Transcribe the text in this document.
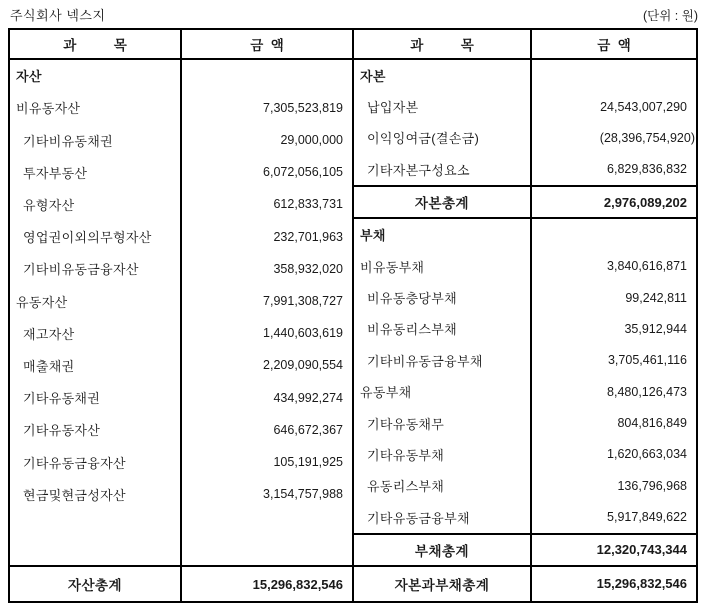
주식회사 넥스지	(단위 : 원)
과          목	금  액
자산
비유동자산	7,305,523,819
기타비유동채권	29,000,000
투자부동산	6,072,056,105
유형자산	612,833,731
영업권이외의무형자산	232,701,963
기타비유동금융자산	358,932,020
유동자산	7,991,308,727
재고자산	1,440,603,619
매출채권	2,209,090,554
기타유동채권	434,992,274
기타유동자산	646,672,367
기타유동금융자산	105,191,925
현금및현금성자산	3,154,757,988
자산총계	15,296,832,546
과          목	금  액
자본
납입자본	24,543,007,290
이익잉여금(결손금)	(28,396,754,920)
기타자본구성요소	6,829,836,832
자본총계	2,976,089,202
부채
비유동부채	3,840,616,871
비유동충당부채	99,242,811
비유동리스부채	35,912,944
기타비유동금융부채	3,705,461,116
유동부채	8,480,126,473
기타유동채무	804,816,849
기타유동부채	1,620,663,034
유동리스부채	136,796,968
기타유동금융부채	5,917,849,622
부채총계	12,320,743,344
자본과부채총계	15,296,832,546
